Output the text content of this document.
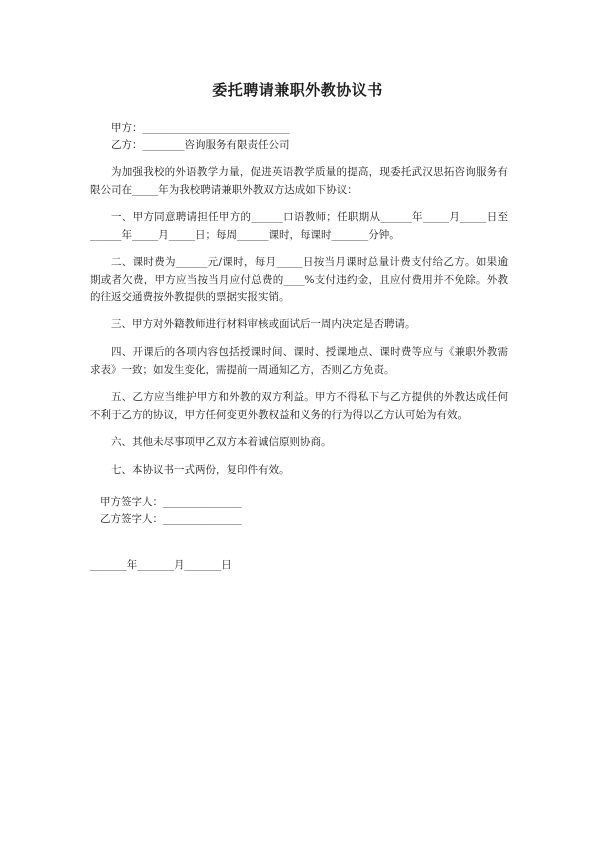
委托聘请兼职外教协议书
甲方：____________________________
乙方：________咨询服务有限责任公司
为加强我校的外语教学力量，促进英语教学质量的提高，现委托武汉思拓咨询服务有限公司在_____年为我校聘请兼职外教双方达成如下协议：
一、甲方同意聘请担任甲方的______口语教师；任职期从______年_____月_____日至______年_____月_____日；每周______课时，每课时_______分钟。
二、课时费为______元/课时，每月_____日按当月课时总量计费支付给乙方。如果逾期或者欠费，甲方应当按当月应付总费的____%支付违约金，且应付费用并不免除。外教的往返交通费按外教提供的票据实报实销。
三、甲方对外籍教师进行材料审核或面试后一周内决定是否聘请。
四、开课后的各项内容包括授课时间、课时、授课地点、课时费等应与《兼职外教需求表》一致；如发生变化，需提前一周通知乙方，否则乙方免责。
五、乙方应当维护甲方和外教的双方利益。甲方不得私下与乙方提供的外教达成任何不利于乙方的协议，甲方任何变更外教权益和义务的行为得以乙方认可始为有效。
六、其他未尽事项甲乙双方本着诚信原则协商。
七、本协议书一式两份，复印件有效。
甲方签字人：_______________
乙方签字人：_______________
_______年_______月_______日
